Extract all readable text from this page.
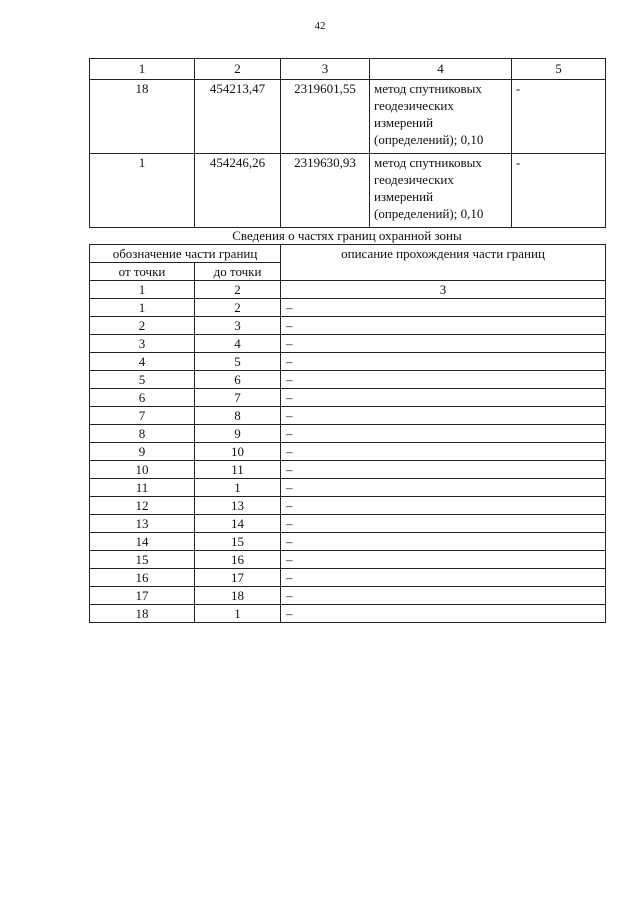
42
1	2	3	4	5
18	454213,47	2319601,55	метод спутниковых
геодезических
измерений
(определений); 0,10	-
1	454246,26	2319630,93	метод спутниковых
геодезических
измерений
(определений); 0,10	-
Сведения о частях границ охранной зоны
обозначение части границ		описание прохождения части границ
от точки	до точки	
1	2	3
1	2	–
2	3	–
3	4	–
4	5	–
5	6	–
6	7	–
7	8	–
8	9	–
9	10	–
10	11	–
11	1	–
12	13	–
13	14	–
14	15	–
15	16	–
16	17	–
17	18	–
18	1	–
